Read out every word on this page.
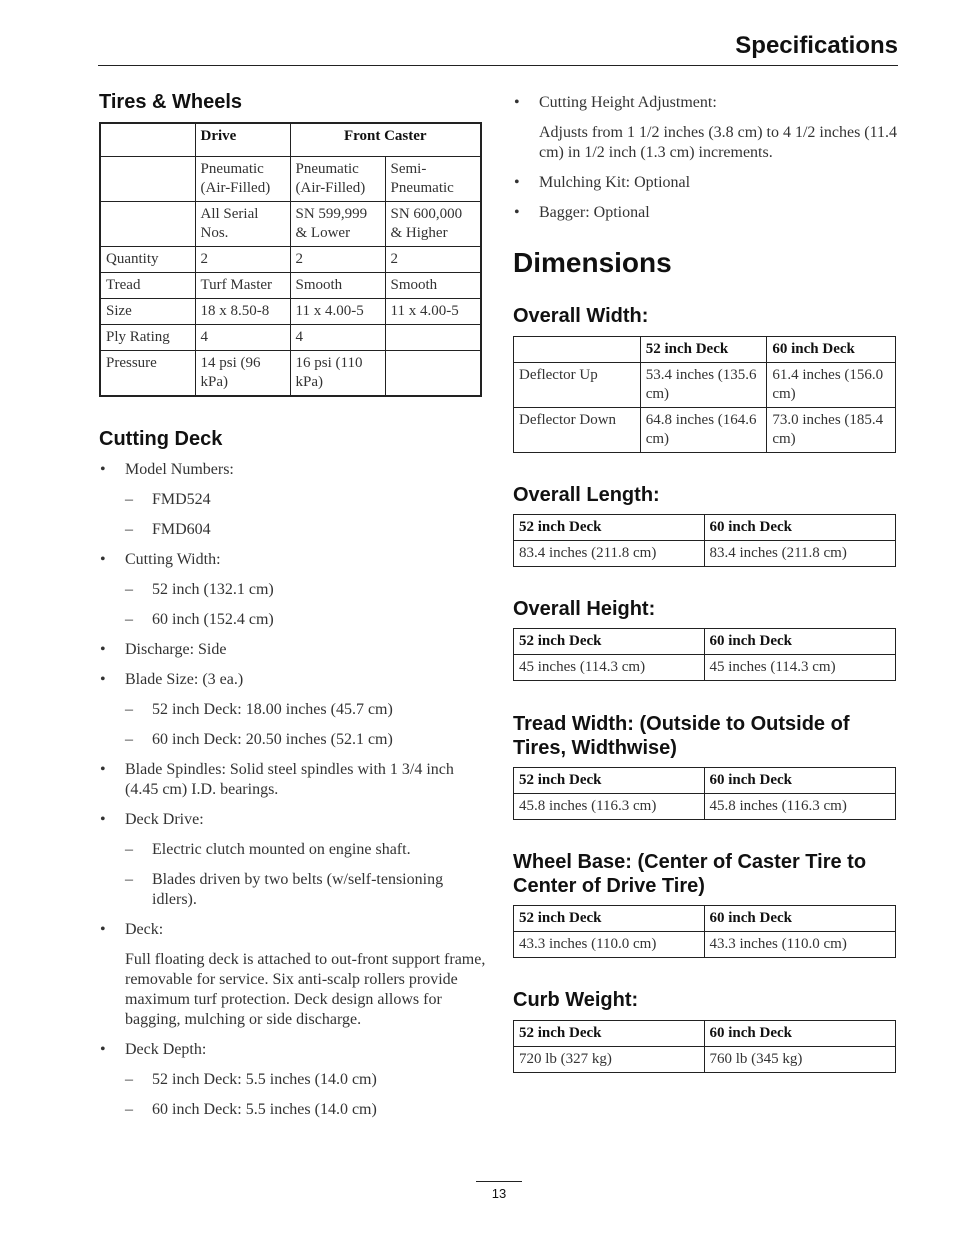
Specifications
Tires & Wheels
	Drive	Front Caster	
	Pneumatic (Air-Filled)	Pneumatic (Air-Filled)	Semi-Pneumatic
	All Serial Nos.	SN 599,999 & Lower	SN 600,000 & Higher
Quantity	2	2	2
Tread	Turf Master	Smooth	Smooth
Size	18 x 8.50-8	11 x 4.00-5	11 x 4.00-5
Ply Rating	4	4	
Pressure	14 psi (96 kPa)	16 psi (110 kPa)	
Cutting Deck
• Model Numbers:
– FMD524
– FMD604
• Cutting Width:
– 52 inch (132.1 cm)
– 60 inch (152.4 cm)
• Discharge: Side
• Blade Size: (3 ea.)
– 52 inch Deck: 18.00 inches (45.7 cm)
– 60 inch Deck: 20.50 inches (52.1 cm)
• Blade Spindles: Solid steel spindles with 1 3/4 inch (4.45 cm) I.D. bearings.
• Deck Drive:
– Electric clutch mounted on engine shaft.
– Blades driven by two belts (w/self-tensioning idlers).
• Deck:
Full floating deck is attached to out-front support frame, removable for service. Six anti-scalp rollers provide maximum turf protection. Deck design allows for bagging, mulching or side discharge.
• Deck Depth:
– 52 inch Deck: 5.5 inches (14.0 cm)
– 60 inch Deck: 5.5 inches (14.0 cm)
• Cutting Height Adjustment:
Adjusts from 1 1/2 inches (3.8 cm) to 4 1/2 inches (11.4 cm) in 1/2 inch (1.3 cm) increments.
• Mulching Kit: Optional
• Bagger: Optional
Dimensions
Overall Width:
	52 inch Deck	60 inch Deck
Deflector Up	53.4 inches (135.6 cm)	61.4 inches (156.0 cm)
Deflector Down	64.8 inches (164.6 cm)	73.0 inches (185.4 cm)
Overall Length:
52 inch Deck	60 inch Deck
83.4 inches (211.8 cm)	83.4 inches (211.8 cm)
Overall Height:
52 inch Deck	60 inch Deck
45 inches (114.3 cm)	45 inches (114.3 cm)
Tread Width: (Outside to Outside of Tires, Widthwise)
52 inch Deck	60 inch Deck
45.8 inches (116.3 cm)	45.8 inches (116.3 cm)
Wheel Base: (Center of Caster Tire to Center of Drive Tire)
52 inch Deck	60 inch Deck
43.3 inches (110.0 cm)	43.3 inches (110.0 cm)
Curb Weight:
52 inch Deck	60 inch Deck
720 lb (327 kg)	760 lb (345 kg)
13
